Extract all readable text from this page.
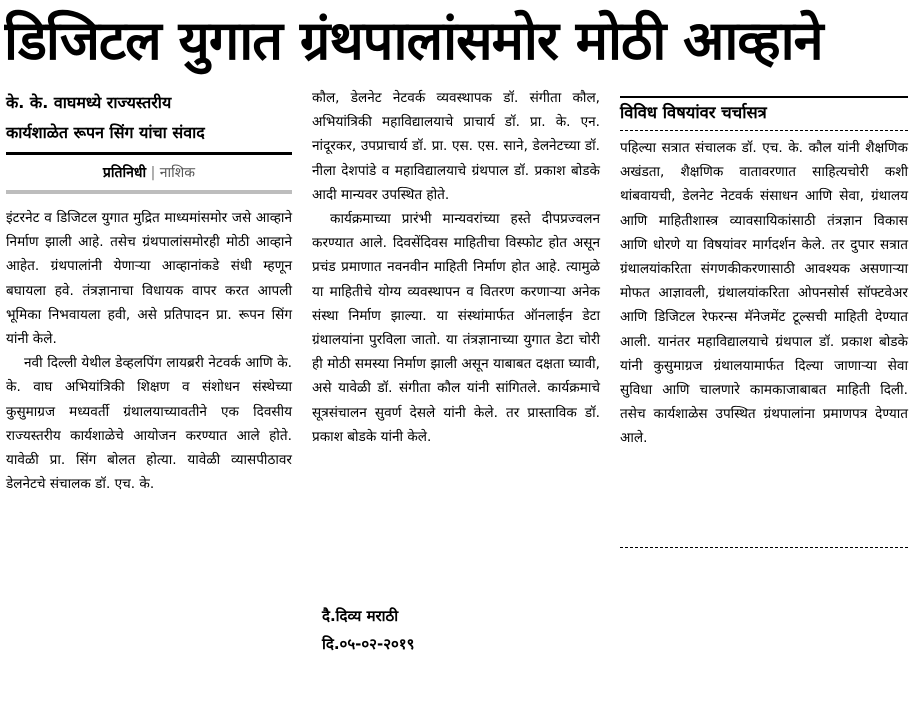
डिजिटल युगात ग्रंथपालांसमोर मोठी आव्हाने
के. के. वाघमध्ये राज्यस्तरीय
कार्यशाळेत रूपन सिंग यांचा संवाद
प्रतिनिधी | नाशिक

इंटरनेट व डिजिटल युगात मुद्रित माध्यमांसमोर जसे आव्हाने निर्माण झाली आहे. तसेच ग्रंथपालांसमोरही मोठी आव्हाने आहेत. ग्रंथपालांनी येणाऱ्या आव्हानांकडे संधी म्हणून बघायला हवे. तंत्रज्ञानाचा विधायक वापर करत आपली भूमिका निभवायला हवी, असे प्रतिपादन प्रा. रूपन सिंग यांनी केले.

नवी दिल्ली येथील डेव्हलपिंग लायब्ररी नेटवर्क आणि के. के. वाघ अभियांत्रिकी शिक्षण व संशोधन संस्थेच्या कुसुमाग्रज मध्यवर्ती ग्रंथालयाच्यावतीने एक दिवसीय राज्यस्तरीय कार्यशाळेचे आयोजन करण्यात आले होते. यावेळी प्रा. सिंग बोलत होत्या. यावेळी व्यासपीठावर डेलनेटचे संचालक डॉ. एच. के.

कौल, डेलनेट नेटवर्क व्यवस्थापक डॉ. संगीता कौल, अभियांत्रिकी महाविद्यालयाचे प्राचार्य डॉ. प्रा. के. एन. नांदूरकर, उपप्राचार्य डॉ. प्रा. एस. एस. साने, डेलनेटच्या डॉ. नीला देशपांडे व महाविद्यालयाचे ग्रंथपाल डॉ. प्रकाश बोडके आदी मान्यवर उपस्थित होते.

कार्यक्रमाच्या प्रारंभी मान्यवरांच्या हस्ते दीपप्रज्वलन करण्यात आले. दिवसेंदिवस माहितीचा विस्फोट होत असून प्रचंड प्रमाणात नवनवीन माहिती निर्माण होत आहे. त्यामुळे या माहितीचे योग्य व्यवस्थापन व वितरण करणाऱ्या अनेक संस्था निर्माण झाल्या. या संस्थांमार्फत ऑनलाईन डेटा ग्रंथालयांना पुरविला जातो. या तंत्रज्ञानाच्या युगात डेटा चोरी ही मोठी समस्या निर्माण झाली असून याबाबत दक्षता घ्यावी, असे यावेळी डॉ. संगीता कौल यांनी सांगितले. कार्यक्रमाचे सूत्रसंचालन सुवर्ण देसले यांनी केले. तर प्रास्ताविक डॉ. प्रकाश बोडके यांनी केले.

विविध विषयांवर चर्चासत्र

पहिल्या सत्रात संचालक डॉ. एच. के. कौल यांनी शैक्षणिक अखंडता, शैक्षणिक वातावरणात साहित्यचोरी कशी थांबवायची, डेलनेट नेटवर्क संसाधन आणि सेवा, ग्रंथालय आणि माहितीशास्त्र व्यावसायिकांसाठी तंत्रज्ञान विकास आणि धोरणे या विषयांवर मार्गदर्शन केले. तर दुपार सत्रात ग्रंथालयांकरिता संगणकीकरणासाठी आवश्यक असणाऱ्या मोफत आज्ञावली, ग्रंथालयांकरिता ओपनसोर्स सॉफ्टवेअर आणि डिजिटल रेफरन्स मॅनेजमेंट टूल्सची माहिती देण्यात आली. यानंतर महाविद्यालयाचे ग्रंथपाल डॉ. प्रकाश बोडके यांनी कुसुमाग्रज ग्रंथालयामार्फत दिल्या जाणाऱ्या सेवा सुविधा आणि चालणारे कामकाजाबाबत माहिती दिली. तसेच कार्यशाळेस उपस्थित ग्रंथपालांना प्रमाणपत्र देण्यात आले.

दै.दिव्य मराठी
दि.०५-०२-२०१९
